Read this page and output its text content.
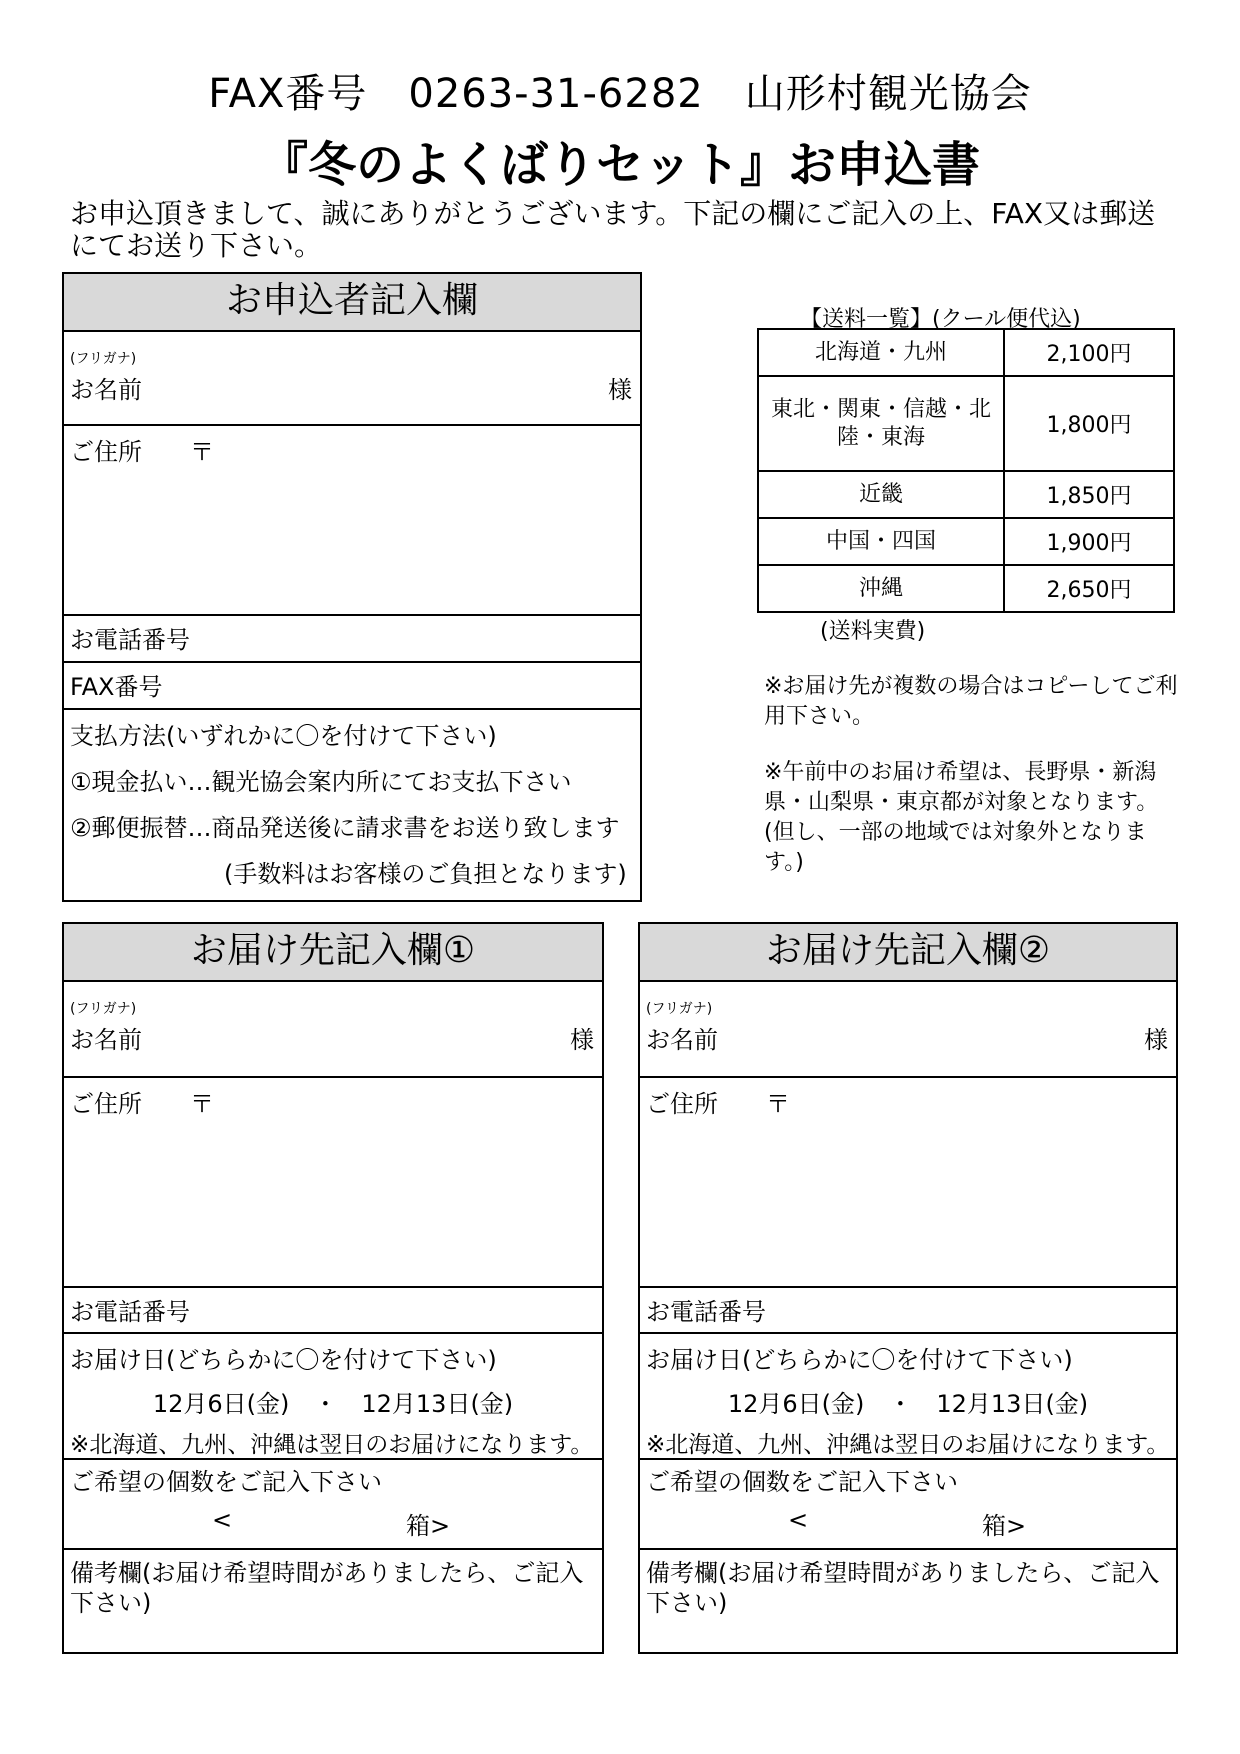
FAX番号　0263-31-6282　山形村観光協会
『冬のよくばりセット』お申込書
お申込頂きまして、誠にありがとうございます。下記の欄にご記入の上、FAX又は郵送にてお送り下さい。
お申込者記入欄
(フリガナ)
お名前	様
ご住所 〒
お電話番号
FAX番号
支払方法(いずれかに〇を付けて下さい)
①現金払い…観光協会案内所にてお支払下さい
②郵便振替…商品発送後に請求書をお送り致します
(手数料はお客様のご負担となります)
【送料一覧】(クール便代込)
北海道・九州	2,100円
東北・関東・信越・北陸・東海	1,800円
近畿	1,850円
中国・四国	1,900円
沖縄	2,650円
(送料実費)
※お届け先が複数の場合はコピーしてご利用下さい。
※午前中のお届け希望は、長野県・新潟県・山梨県・東京都が対象となります。(但し、一部の地域では対象外となります。)
お届け先記入欄①
(フリガナ)
お名前	様
ご住所 〒
お電話番号
お届け日(どちらかに〇を付けて下さい)
12月6日(金)　・　12月13日(金)
※北海道、九州、沖縄は翌日のお届けになります。
ご希望の個数をご記入下さい
<	箱>
備考欄(お届け希望時間がありましたら、ご記入下さい)
お届け先記入欄②
(フリガナ)
お名前	様
ご住所 〒
お電話番号
お届け日(どちらかに〇を付けて下さい)
12月6日(金)　・　12月13日(金)
※北海道、九州、沖縄は翌日のお届けになります。
ご希望の個数をご記入下さい
<	箱>
備考欄(お届け希望時間がありましたら、ご記入下さい)
